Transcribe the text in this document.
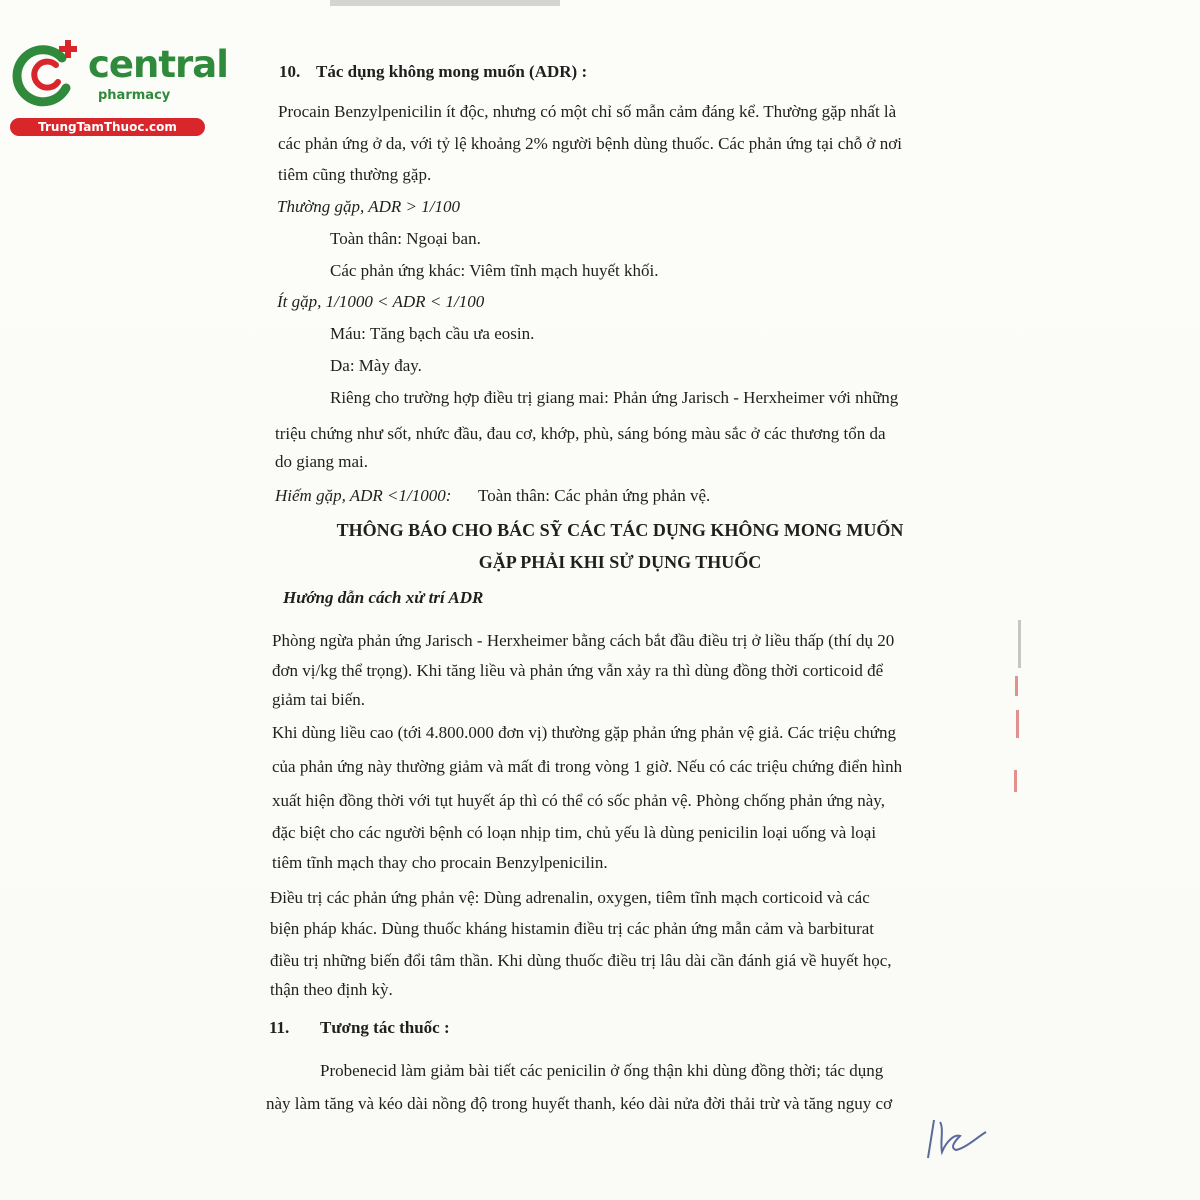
central
pharmacy
TrungTamThuoc.com
10. Tác dụng không mong muốn (ADR) :
Procain Benzylpenicilin ít độc, nhưng có một chỉ số mẫn cảm đáng kể. Thường gặp nhất là
các phản ứng ở da, với tỷ lệ khoảng 2% người bệnh dùng thuốc. Các phản ứng tại chỗ ở nơi
tiêm cũng thường gặp.
Thường gặp, ADR > 1/100
Toàn thân: Ngoại ban.
Các phản ứng khác: Viêm tĩnh mạch huyết khối.
Ít gặp, 1/1000 < ADR < 1/100
Máu: Tăng bạch cầu ưa eosin.
Da: Mày đay.
Riêng cho trường hợp điều trị giang mai: Phản ứng Jarisch - Herxheimer với những
triệu chứng như sốt, nhức đầu, đau cơ, khớp, phù, sáng bóng màu sắc ở các thương tổn da
do giang mai.
Hiếm gặp, ADR <1/1000: Toàn thân: Các phản ứng phản vệ.
THÔNG BÁO CHO BÁC SỸ CÁC TÁC DỤNG KHÔNG MONG MUỐN
GẶP PHẢI KHI SỬ DỤNG THUỐC
Hướng dẫn cách xử trí ADR
Phòng ngừa phản ứng Jarisch - Herxheimer bằng cách bắt đầu điều trị ở liều thấp (thí dụ 20
đơn vị/kg thể trọng). Khi tăng liều và phản ứng vẫn xảy ra thì dùng đồng thời corticoid để
giảm tai biến.
Khi dùng liều cao (tới 4.800.000 đơn vị) thường gặp phản ứng phản vệ giả. Các triệu chứng
của phản ứng này thường giảm và mất đi trong vòng 1 giờ. Nếu có các triệu chứng điển hình
xuất hiện đồng thời với tụt huyết áp thì có thể có sốc phản vệ. Phòng chống phản ứng này,
đặc biệt cho các người bệnh có loạn nhịp tim, chủ yếu là dùng penicilin loại uống và loại
tiêm tĩnh mạch thay cho procain Benzylpenicilin.
Điều trị các phản ứng phản vệ: Dùng adrenalin, oxygen, tiêm tĩnh mạch corticoid và các
biện pháp khác. Dùng thuốc kháng histamin điều trị các phản ứng mẫn cảm và barbiturat
điều trị những biến đổi tâm thần. Khi dùng thuốc điều trị lâu dài cần đánh giá về huyết học,
thận theo định kỳ.
11. Tương tác thuốc :
Probenecid làm giảm bài tiết các penicilin ở ống thận khi dùng đồng thời; tác dụng
này làm tăng và kéo dài nồng độ trong huyết thanh, kéo dài nửa đời thải trừ và tăng nguy cơ
